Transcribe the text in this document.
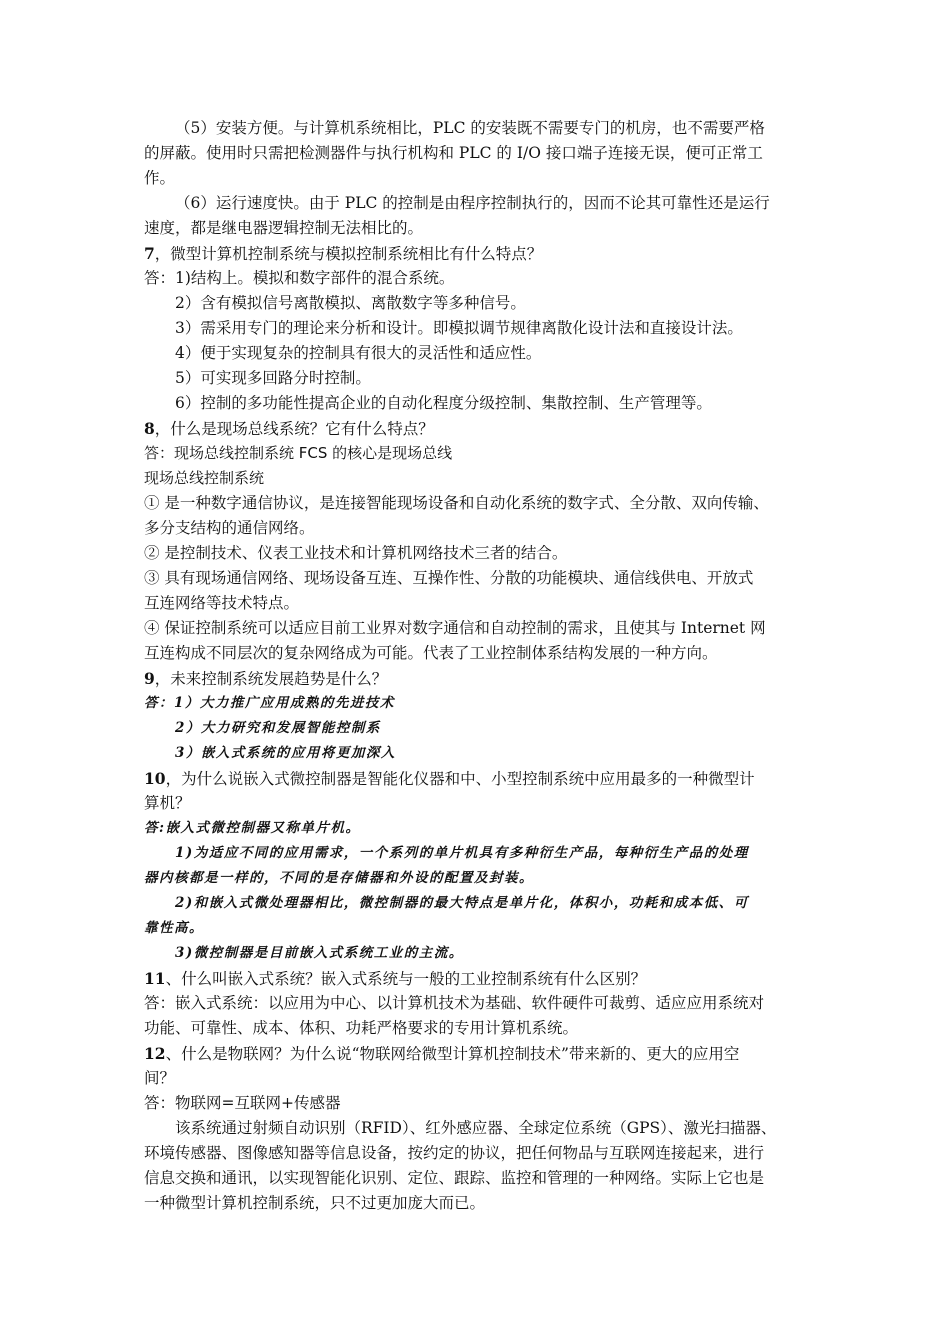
（5）安装方便。与计算机系统相比，PLC 的安装既不需要专门的机房，也不需要严格
的屏蔽。使用时只需把检测器件与执行机构和 PLC 的 I/O 接口端子连接无误，便可正常工
作。
（6）运行速度快。由于 PLC 的控制是由程序控制执行的，因而不论其可靠性还是运行
速度，都是继电器逻辑控制无法相比的。
7，微型计算机控制系统与模拟控制系统相比有什么特点？
答：1)结构上。模拟和数字部件的混合系统。
2）含有模拟信号离散模拟、离散数字等多种信号。
3）需采用专门的理论来分析和设计。即模拟调节规律离散化设计法和直接设计法。
4）便于实现复杂的控制具有很大的灵活性和适应性。
5）可实现多回路分时控制。
6）控制的多功能性提高企业的自动化程度分级控制、集散控制、生产管理等。
8，什么是现场总线系统？它有什么特点？
答：现场总线控制系统 FCS 的核心是现场总线
现场总线控制系统
① 是一种数字通信协议，是连接智能现场设备和自动化系统的数字式、全分散、双向传输、
多分支结构的通信网络。
② 是控制技术、仪表工业技术和计算机网络技术三者的结合。
③ 具有现场通信网络、现场设备互连、互操作性、分散的功能模块、通信线供电、开放式
互连网络等技术特点。
④ 保证控制系统可以适应目前工业界对数字通信和自动控制的需求，且使其与 Internet 网
互连构成不同层次的复杂网络成为可能。代表了工业控制体系结构发展的一种方向。
9，未来控制系统发展趋势是什么？
答：1）大力推广应用成熟的先进技术
2）大力研究和发展智能控制系
3）嵌入式系统的应用将更加深入
10，为什么说嵌入式微控制器是智能化仪器和中、小型控制系统中应用最多的一种微型计
算机？
答:嵌入式微控制器又称单片机。
1)为适应不同的应用需求，一个系列的单片机具有多种衍生产品，每种衍生产品的处理
器内核都是一样的，不同的是存储器和外设的配置及封装。
2)和嵌入式微处理器相比，微控制器的最大特点是单片化，体积小，功耗和成本低、可
靠性高。
3)微控制器是目前嵌入式系统工业的主流。
11、什么叫嵌入式系统？嵌入式系统与一般的工业控制系统有什么区别？
答：嵌入式系统：以应用为中心、以计算机技术为基础、软件硬件可裁剪、适应应用系统对
功能、可靠性、成本、体积、功耗严格要求的专用计算机系统。
12、什么是物联网？为什么说“物联网给微型计算机控制技术”带来新的、更大的应用空
间？
答：物联网=互联网+传感器
该系统通过射频自动识别（RFID）、红外感应器、全球定位系统（GPS）、激光扫描器、
环境传感器、图像感知器等信息设备，按约定的协议，把任何物品与互联网连接起来，进行
信息交换和通讯，以实现智能化识别、定位、跟踪、监控和管理的一种网络。实际上它也是
一种微型计算机控制系统，只不过更加庞大而已。
